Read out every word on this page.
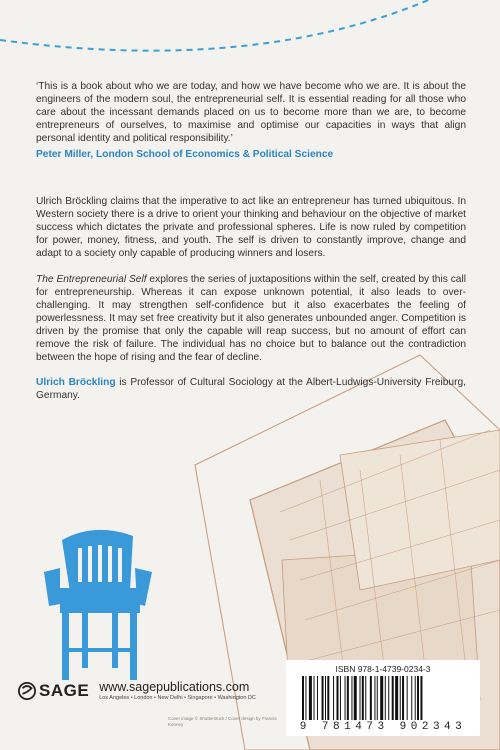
‘This is a book about who we are today, and how we have become who we are. It is about the engineers of the modern soul, the entrepreneurial self. It is essential reading for all those who care about the incessant demands placed on us to become more than we are, to become entrepreneurs of ourselves, to maximise and optimise our capacities in ways that align personal identity and political responsibility.’

Peter Miller, London School of Economics & Political Science

Ulrich Bröckling claims that the imperative to act like an entrepreneur has turned ubiquitous. In Western society there is a drive to orient your thinking and behaviour on the objective of market success which dictates the private and professional spheres. Life is now ruled by competition for power, money, fitness, and youth. The self is driven to constantly improve, change and adapt to a society only capable of producing winners and losers.

The Entrepreneurial Self explores the series of juxtapositions within the self, created by this call for entrepreneurship. Whereas it can expose unknown potential, it also leads to over-challenging. It may strengthen self-confidence but it also exacerbates the feeling of powerlessness. It may set free creativity but it also generates unbounded anger. Competition is driven by the promise that only the capable will reap success, but no amount of effort can remove the risk of failure. The individual has no choice but to balance out the contradiction between the hope of rising and the fear of decline.

Ulrich Bröckling is Professor of Cultural Sociology at the Albert-Ludwigs-University Freiburg, Germany.

SAGE www.sagepublications.com
Los Angeles • London • New Delhi • Singapore • Washington DC
Cover image © Shutterstock / Cover design by Francis Kenney
ISBN 978-1-4739-0234-3
9 781473 902343
